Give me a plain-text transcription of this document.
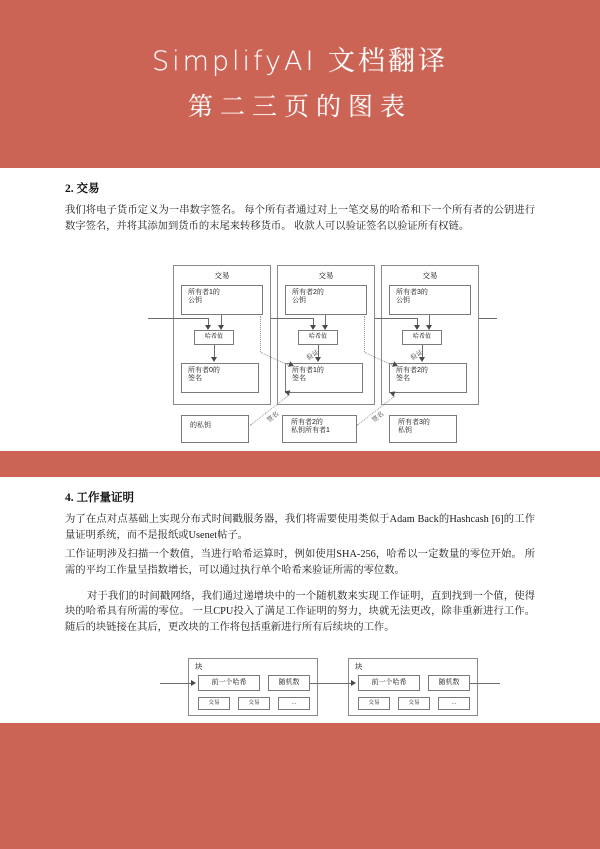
SimplifyAI 文档翻译
第二三页的图表
2. 交易

我们将电子货币定义为一串数字签名。 每个所有者通过对上一笔交易的哈希和下一个所有者的公钥进行数字签名，并将其添加到货币的末尾来转移货币。 收款人可以验证签名以验证所有权链。

交易
所有者1的
公钥
哈希值
所有者0的
签名
的私钥
交易
所有者2的
公钥
哈希值
所有者1的
签名
所有者2的
私钥所有者1
交易
所有者3的
公钥
哈希值
所有者2的
签名
所有者3的
私钥
验证	验证
签名	签名
4. 工作量证明

为了在点对点基础上实现分布式时间戳服务器，我们将需要使用类似于Adam Back的Hashcash [6]的工作量证明系统，而不是报纸或Usenet帖子。

工作证明涉及扫描一个数值，当进行哈希运算时，例如使用SHA-256，哈希以一定数量的零位开始。 所需的平均工作量呈指数增长，可以通过执行单个哈希来验证所需的零位数。

对于我们的时间戳网络，我们通过递增块中的一个随机数来实现工作证明，直到找到一个值，使得块的哈希具有所需的零位。 一旦CPU投入了满足工作证明的努力，块就无法更改，除非重新进行工作。 随后的块链接在其后，更改块的工作将包括重新进行所有后续块的工作。

块
前一个哈希	随机数
交易	交易	...
块
前一个哈希	随机数
交易	交易	...
